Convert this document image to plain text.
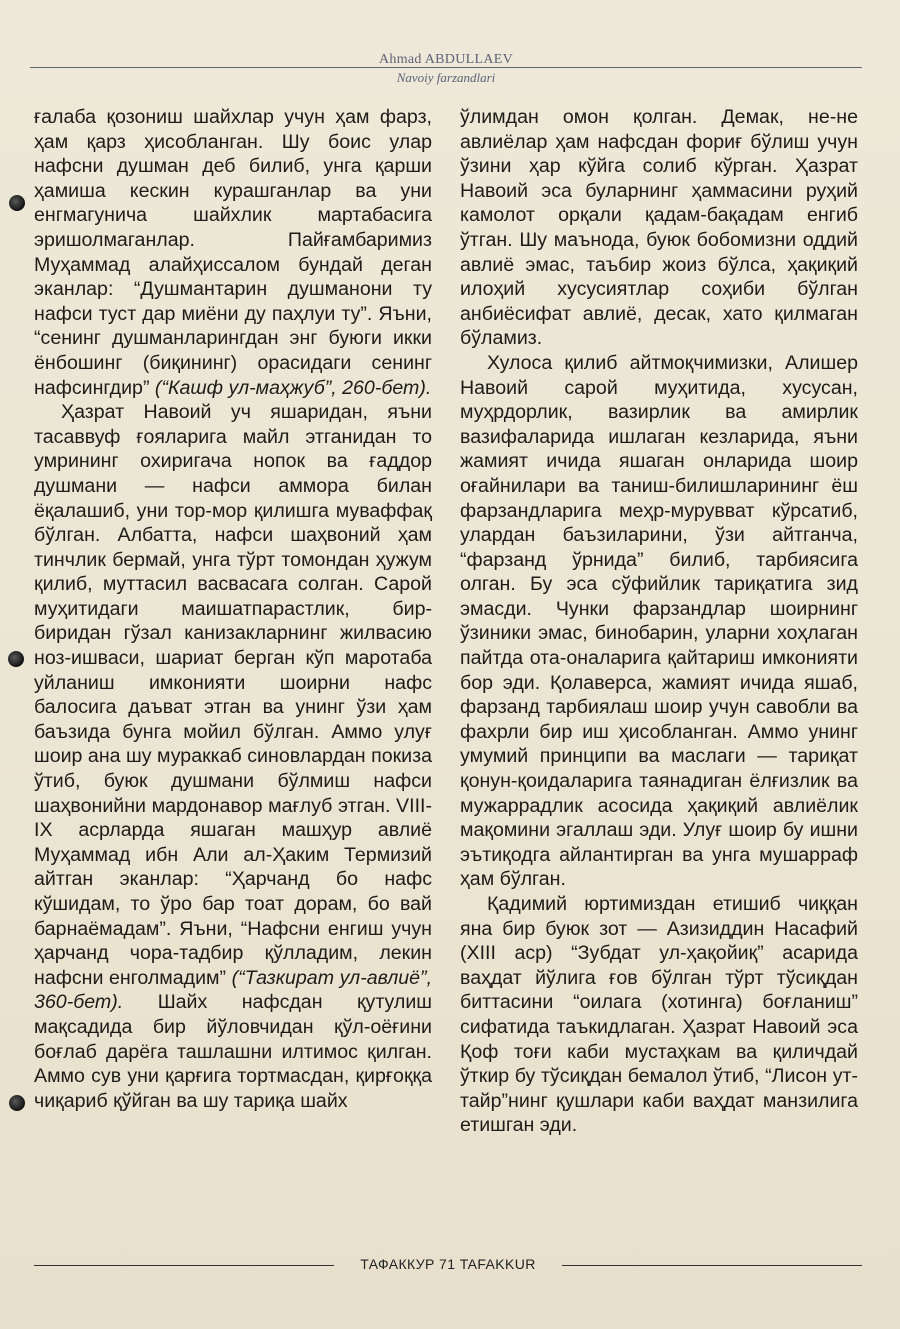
Ahmad ABDULLAEV
Navoiy farzandlari

ғалаба қозониш шайхлар учун ҳам фарз, ҳам қарз ҳисобланган. Шу боис улар нафсни душман деб билиб, унга қарши ҳамиша кескин курашганлар ва уни енгмагунича шайхлик мартабасига эришолмаганлар. Пайғамбаримиз Муҳаммад алайҳиссалом бундай деган эканлар: “Душмантарин душманони ту нафси туст дар миёни ду паҳлуи ту”. Яъни, “сенинг душманларингдан энг буюги икки ёнбошинг (биқининг) орасидаги сенинг нафсингдир” (“Кашф ул-маҳжуб”, 260-бет).

Ҳазрат Навоий уч яшаридан, яъни тасаввуф ғояларига майл этганидан то умрининг охиригача нопок ва ғаддор душмани — нафси аммора билан ёқалашиб, уни тор-мор қилишга муваффақ бўлган. Албатта, нафси шаҳвоний ҳам тинчлик бермай, унга тўрт томондан ҳужум қилиб, муттасил васвасага солган. Сарой муҳитидаги маишатпарастлик, бир-биридан гўзал канизакларнинг жилвасию ноз-ишваси, шариат берган кўп маротаба уйланиш имконияти шоирни нафс балосига даъват этган ва унинг ўзи ҳам баъзида бунга мойил бўлган. Аммо улуғ шоир ана шу мураккаб синовлардан покиза ўтиб, буюк душмани бўлмиш нафси шаҳвонийни мардонавор мағлуб этган. VIII-IX асрларда яшаган машҳур авлиё Муҳаммад ибн Али ал-Ҳаким Термизий айтган эканлар: “Ҳарчанд бо нафс кўшидам, то ўро бар тоат дорам, бо вай барнаёмадам”. Яъни, “Нафсни енгиш учун ҳарчанд чора-тадбир қўлладим, лекин нафсни енголмадим” (“Тазкират ул-авлиё”, 360-бет). Шайх нафсдан қутулиш мақсадида бир йўловчидан қўл-оёғини боғлаб дарёга ташлашни илтимос қилган. Аммо сув уни қарғига тортмасдан, қирғоққа чиқариб қўйган ва шу тариқа шайх

ўлимдан омон қолган. Демак, не-не авлиёлар ҳам нафсдан фориғ бўлиш учун ўзини ҳар кўйга солиб кўрган. Ҳазрат Навоий эса буларнинг ҳаммасини руҳий камолот орқали қадам-бақадам енгиб ўтган. Шу маънода, буюк бобомизни оддий авлиё эмас, таъбир жоиз бўлса, ҳақиқий илоҳий хусусиятлар соҳиби бўлган анбиёсифат авлиё, десак, хато қилмаган бўламиз.

Хулоса қилиб айтмоқчимизки, Алишер Навоий сарой муҳитида, хусусан, муҳрдорлик, вазирлик ва амирлик вазифаларида ишлаган кезларида, яъни жамият ичида яшаган онларида шоир оғайнилари ва таниш-билишларининг ёш фарзандларига меҳр-мурувват кўрсатиб, улардан баъзиларини, ўзи айтганча, “фарзанд ўрнида” билиб, тарбиясига олган. Бу эса сўфийлик тариқатига зид эмасди. Чунки фарзандлар шоирнинг ўзиники эмас, бинобарин, уларни хоҳлаган пайтда ота-оналарига қайтариш имконияти бор эди. Қолаверса, жамият ичида яшаб, фарзанд тарбиялаш шоир учун савобли ва фахрли бир иш ҳисобланган. Аммо унинг умумий принципи ва маслаги — тариқат қонун-қоидаларига таянадиган ёлғизлик ва мужаррадлик асосида ҳақиқий авлиёлик мақомини эгаллаш эди. Улуғ шоир бу ишни эътиқодга айлантирган ва унга мушарраф ҳам бўлган.

Қадимий юртимиздан етишиб чиққан яна бир буюк зот — Азизиддин Насафий (XIII аср) “Зубдат ул-ҳақойиқ” асарида ваҳдат йўлига ғов бўлган тўрт тўсиқдан биттасини “оилага (хотинга) боғланиш” сифатида таъкидлаган. Ҳазрат Навоий эса Қоф тоғи каби мустаҳкам ва қиличдай ўткир бу тўсиқдан бемалол ўтиб, “Лисон ут-тайр”нинг қушлари каби ваҳдат манзилига етишган эди.

ТАФАККУР 71 TAFAKKUR
